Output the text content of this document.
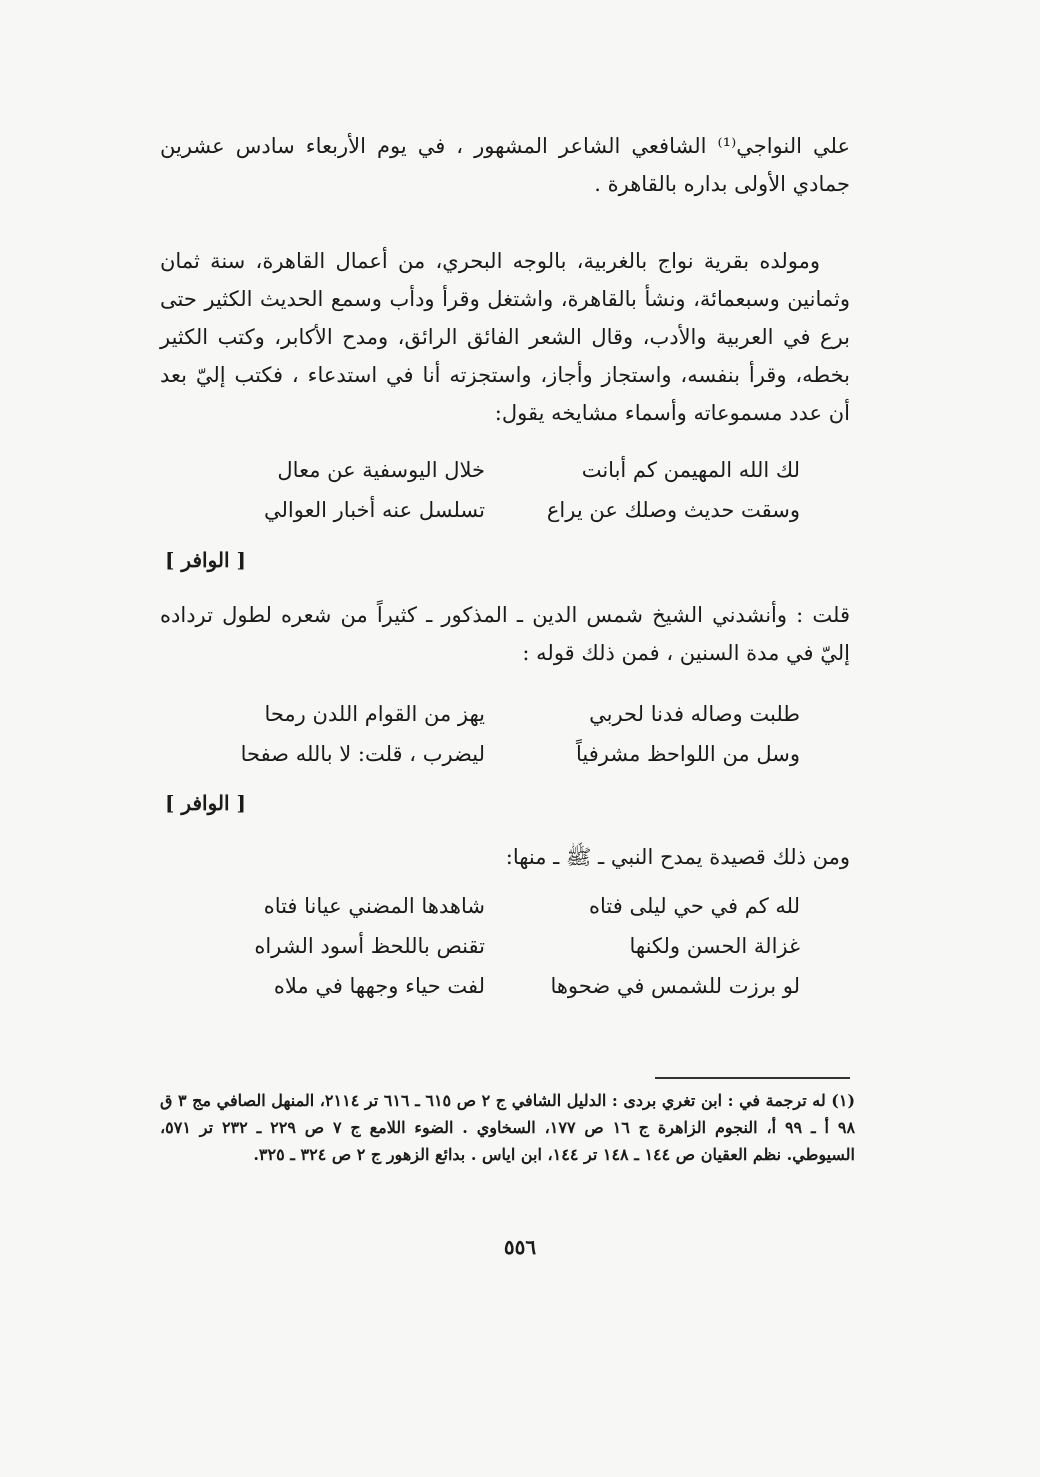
علي النواجي⁽¹⁾ الشافعي الشاعر المشهور ، في يوم الأربعاء سادس عشرين جمادي الأولى بداره بالقاهرة .

ومولده بقرية نواج بالغربية، بالوجه البحري، من أعمال القاهرة، سنة ثمان وثمانين وسبعمائة، ونشأ بالقاهرة، واشتغل وقرأ ودأب وسمع الحديث الكثير حتى برع في العربية والأدب، وقال الشعر الفائق الرائق، ومدح الأكابر، وكتب الكثير بخطه، وقرأ بنفسه، واستجاز وأجاز، واستجزته أنا في استدعاء ، فكتب إليّ بعد أن عدد مسموعاته وأسماء مشايخه يقول:

لك الله المهيمن كم أبانت
خلال اليوسفية عن معال
وسقت حديث وصلك عن يراع
تسلسل عنه أخبار العوالي
[ الوافر ]

قلت : وأنشدني الشيخ شمس الدين ـ المذكور ـ كثيراً من شعره لطول ترداده إليّ في مدة السنين ، فمن ذلك قوله :

طلبت وصاله فدنا لحربي
يهز من القوام اللدن رمحا
وسل من اللواحظ مشرفياً
ليضرب ، قلت: لا بالله صفحا
[ الوافر ]

ومن ذلك قصيدة يمدح النبي ـ ﷺ ـ منها:

لله كم في حي ليلى فتاه
شاهدها المضني عيانا فتاه
غزالة الحسن ولكنها
تقنص باللحظ أسود الشراه
لو برزت للشمس في ضحوها
لفت حياء وجهها في ملاه
(١) له ترجمة في : ابن تغري بردى : الدليل الشافي ج ٢ ص ٦١٥ ـ ٦١٦ تر ٢١١٤، المنهل الصافي مج ٣ ق ٩٨ أ ـ ٩٩ أ، النجوم الزاهرة ج ١٦ ص ١٧٧، السخاوي . الضوء اللامع ج ٧ ص ٢٢٩ ـ ٢٣٢ تر ٥٧١، السيوطي. نظم العقيان ص ١٤٤ ـ ١٤٨ تر ١٤٤، ابن اياس . بدائع الزهور ج ٢ ص ٣٢٤ ـ ٣٢٥.
٥٥٦
